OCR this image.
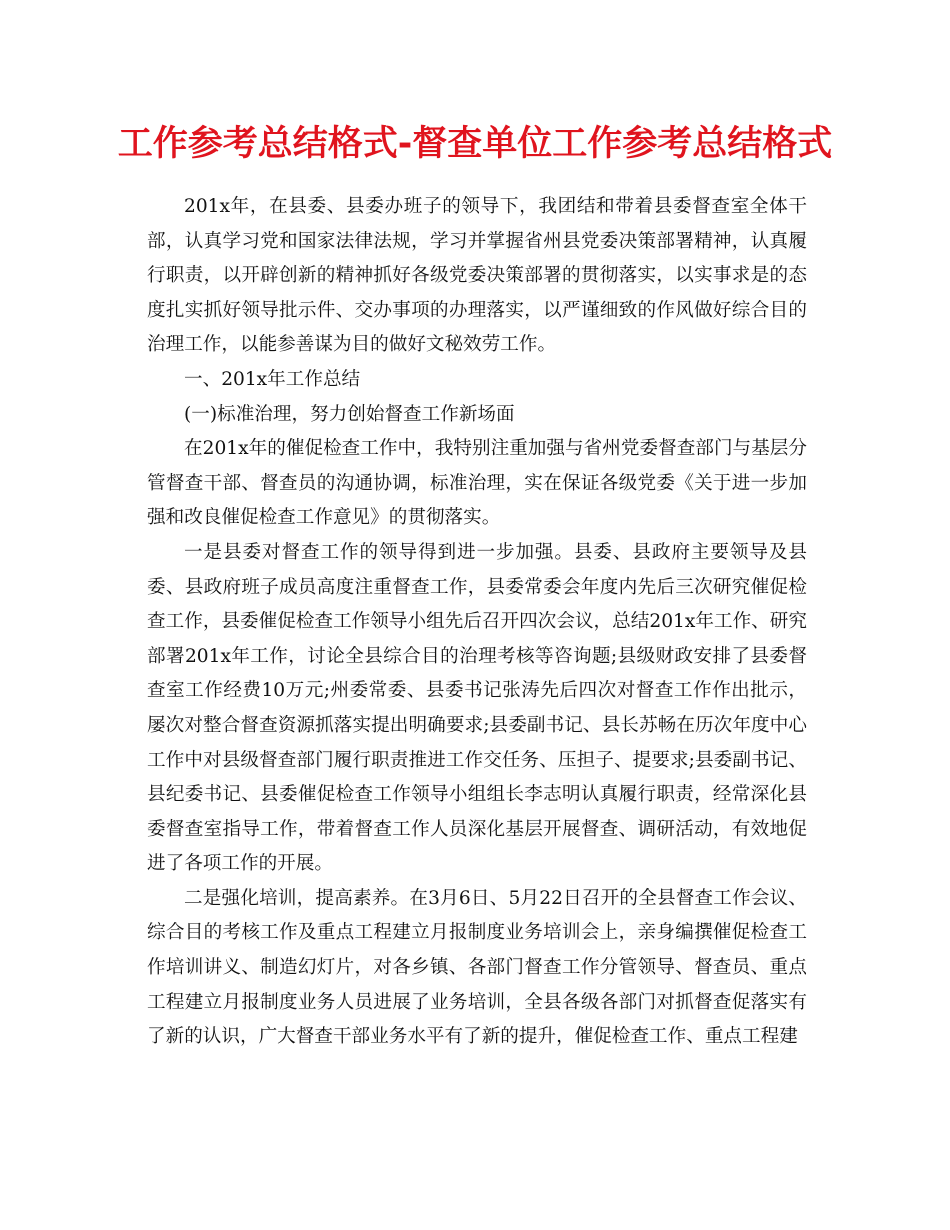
工作参考总结格式-督查单位工作参考总结格式

201x年，在县委、县委办班子的领导下，我团结和带着县委督查室全体干部，认真学习党和国家法律法规，学习并掌握省州县党委决策部署精神，认真履行职责，以开辟创新的精神抓好各级党委决策部署的贯彻落实，以实事求是的态度扎实抓好领导批示件、交办事项的办理落实，以严谨细致的作风做好综合目的治理工作，以能参善谋为目的做好文秘效劳工作。

一、201x年工作总结

(一)标准治理，努力创始督查工作新场面

在201x年的催促检查工作中，我特别注重加强与省州党委督查部门与基层分管督查干部、督查员的沟通协调，标准治理，实在保证各级党委《关于进一步加强和改良催促检查工作意见》的贯彻落实。

一是县委对督查工作的领导得到进一步加强。县委、县政府主要领导及县委、县政府班子成员高度注重督查工作，县委常委会年度内先后三次研究催促检查工作，县委催促检查工作领导小组先后召开四次会议，总结201x年工作、研究部署201x年工作，讨论全县综合目的治理考核等咨询题;县级财政安排了县委督查室工作经费10万元;州委常委、县委书记张涛先后四次对督查工作作出批示，屡次对整合督查资源抓落实提出明确要求;县委副书记、县长苏畅在历次年度中心工作中对县级督查部门履行职责推进工作交任务、压担子、提要求;县委副书记、县纪委书记、县委催促检查工作领导小组组长李志明认真履行职责，经常深化县委督查室指导工作，带着督查工作人员深化基层开展督查、调研活动，有效地促进了各项工作的开展。

二是强化培训，提高素养。在3月6日、5月22日召开的全县督查工作会议、综合目的考核工作及重点工程建立月报制度业务培训会上，亲身编撰催促检查工作培训讲义、制造幻灯片，对各乡镇、各部门督查工作分管领导、督查员、重点工程建立月报制度业务人员进展了业务培训，全县各级各部门对抓督查促落实有了新的认识，广大督查干部业务水平有了新的提升，催促检查工作、重点工程建
